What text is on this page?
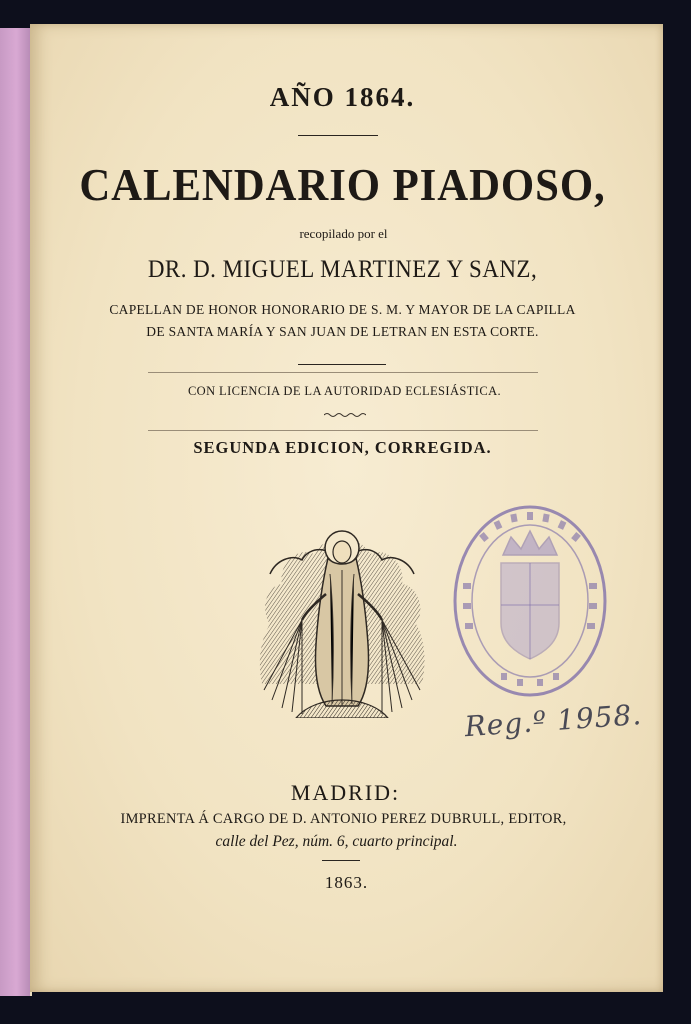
AÑO 1864.
CALENDARIO PIADOSO,
recopilado por el
DR. D. MIGUEL MARTINEZ Y SANZ,
CAPELLAN DE HONOR HONORARIO DE S. M. Y MAYOR DE LA CAPILLA
DE SANTA MARÍA Y SAN JUAN DE LETRAN EN ESTA CORTE.
CON LICENCIA DE LA AUTORIDAD ECLESIÁSTICA.
SEGUNDA EDICION, CORREGIDA.
Reg.º 1958.
MADRID:
IMPRENTA Á CARGO DE D. ANTONIO PEREZ DUBRULL, EDITOR,
calle del Pez, núm. 6, cuarto principal.
1863.
